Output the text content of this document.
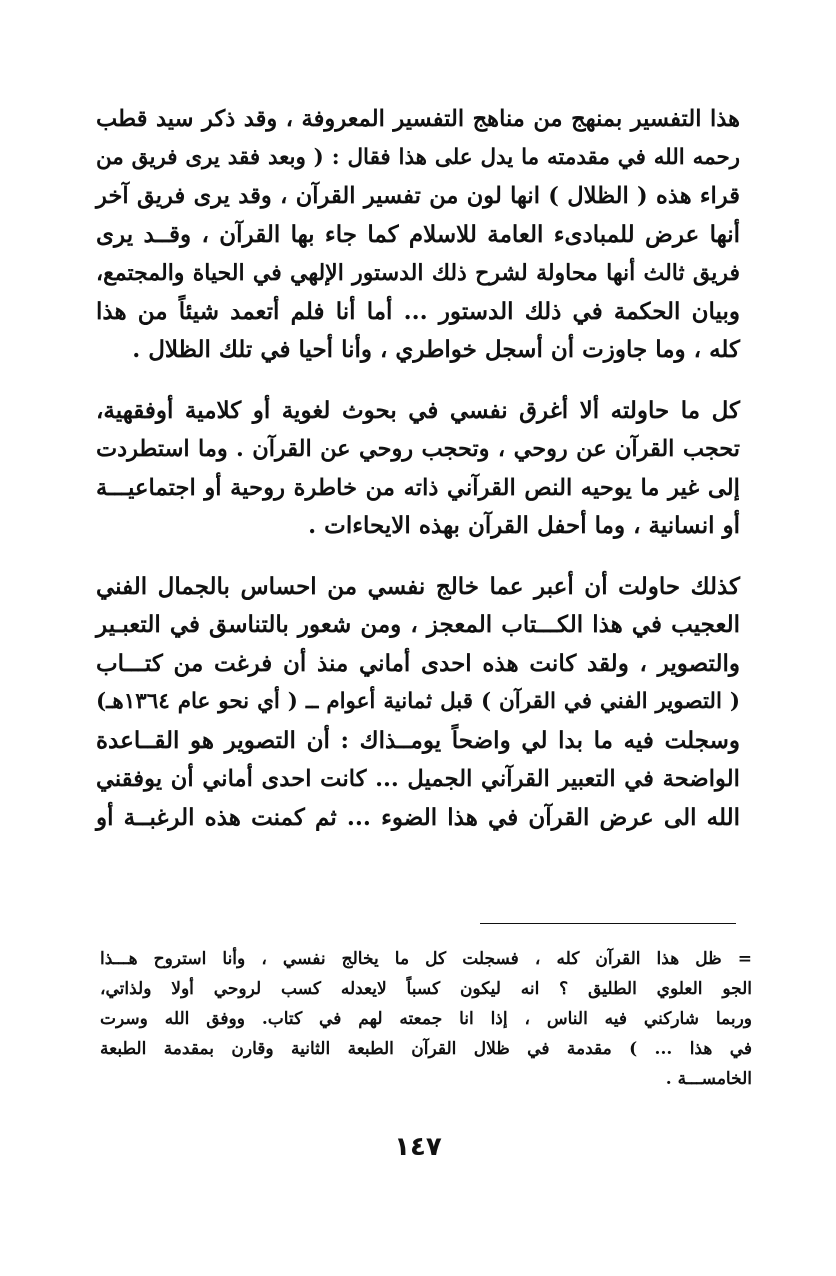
هذا التفسير بمنهج من مناهج التفسير المعروفة ، وقد ذكر سيد قطب
رحمه الله في مقدمته ما يدل على هذا فقال : ( وبعد فقد يرى فريق من
قراء هذه ( الظلال ) انها لون من تفسير القرآن ، وقد يرى فريق آخر
أنها عرض للمبادىء العامة للاسلام كما جاء بها القرآن ، وقــد يرى
فريق ثالث أنها محاولة لشرح ذلك الدستور الإلهي في الحياة والمجتمع،
وبيان الحكمة في ذلك الدستور ... أما أنا فلم أتعمد شيئاً من هذا
كله ، وما جاوزت أن أسجل خواطري ، وأنا أحيا في تلك الظلال .

كل ما حاولته ألا أغرق نفسي في بحوث لغوية أو كلامية أوفقهية،
تحجب القرآن عن روحي ، وتحجب روحي عن القرآن . وما استطردت
إلى غير ما يوحيه النص القرآني ذاته من خاطرة روحية أو اجتماعيـــة
أو انسانية ، وما أحفل القرآن بهذه الايحاءات .

كذلك حاولت أن أعبر عما خالج نفسي من احساس بالجمال الفني
العجيب في هذا الكـــتاب المعجز ، ومن شعور بالتناسق في التعبـير
والتصوير ، ولقد كانت هذه احدى أماني منذ أن فرغت من كتـــاب
( التصوير الفني في القرآن ) قبل ثمانية أعوام ــ ( أي نحو عام ١٣٦٤هـ)
وسجلت فيه ما بدا لي واضحاً يومــذاك : أن التصوير هو القــاعدة
الواضحة في التعبير القرآني الجميل ... كانت احدى أماني أن يوفقني
الله الى عرض القرآن في هذا الضوء ... ثم كمنت هذه الرغبــة أو

= ظل هذا القرآن كله ، فسجلت كل ما يخالج نفسي ، وأنا استروح هـــذا
الجو العلوي الطليق ؟ انه ليكون كسباً لايعدله كسب لروحي أولا ولذاتي،
وربما شاركني فيه الناس ، إذا انا جمعته لهم في كتاب. ووفق الله وسرت
في هذا ... ) مقدمة في ظلال القرآن الطبعة الثانية وقارن بمقدمة الطبعة
الخامســـة .
١٤٧
